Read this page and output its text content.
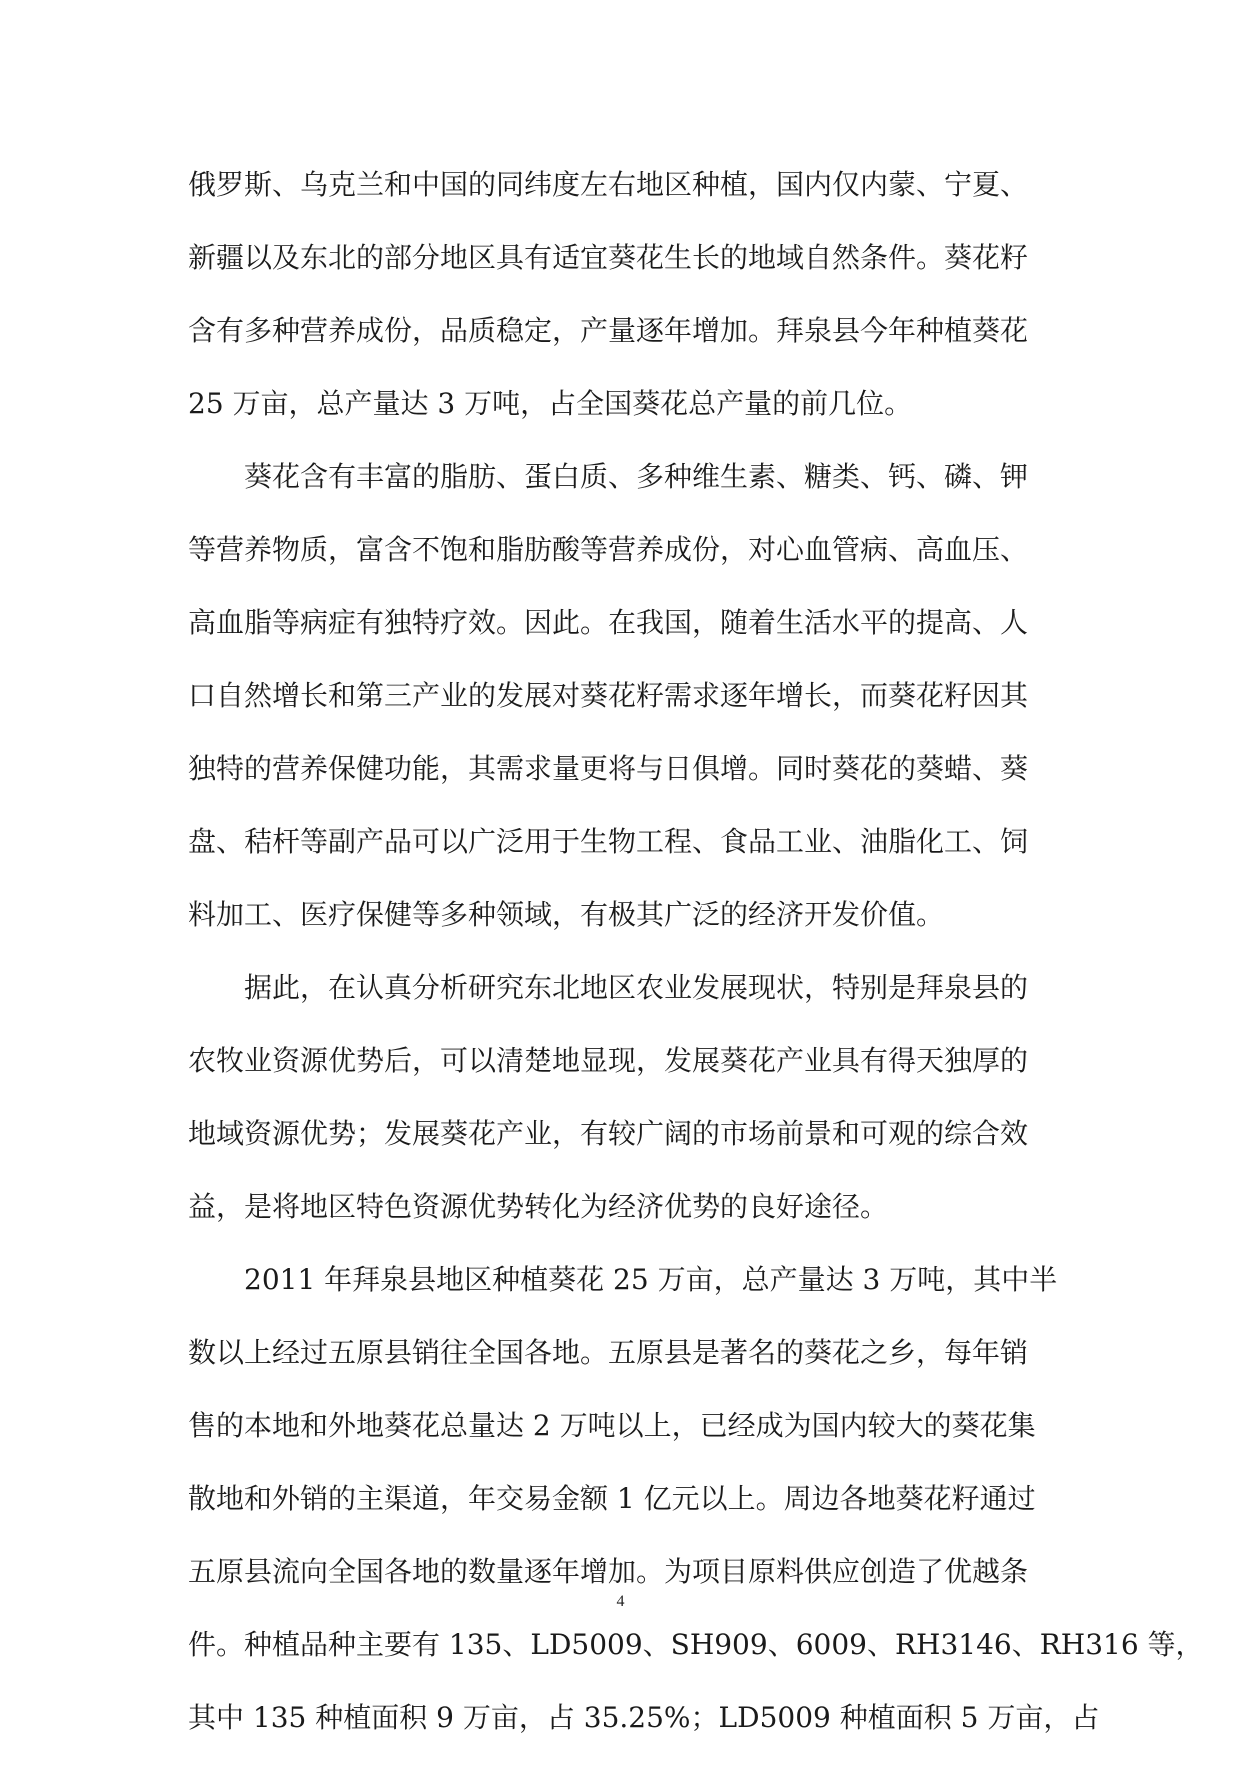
俄罗斯、乌克兰和中国的同纬度左右地区种植，国内仅内蒙、宁夏、
新疆以及东北的部分地区具有适宜葵花生长的地域自然条件。葵花籽
含有多种营养成份，品质稳定，产量逐年增加。拜泉县今年种植葵花
25 万亩，总产量达 3 万吨，占全国葵花总产量的前几位。
　　葵花含有丰富的脂肪、蛋白质、多种维生素、糖类、钙、磷、钾
等营养物质，富含不饱和脂肪酸等营养成份，对心血管病、高血压、
高血脂等病症有独特疗效。因此。在我国，随着生活水平的提高、人
口自然增长和第三产业的发展对葵花籽需求逐年增长，而葵花籽因其
独特的营养保健功能，其需求量更将与日俱增。同时葵花的葵蜡、葵
盘、秸杆等副产品可以广泛用于生物工程、食品工业、油脂化工、饲
料加工、医疗保健等多种领域，有极其广泛的经济开发价值。
　　据此，在认真分析研究东北地区农业发展现状，特别是拜泉县的
农牧业资源优势后，可以清楚地显现，发展葵花产业具有得天独厚的
地域资源优势；发展葵花产业，有较广阔的市场前景和可观的综合效
益，是将地区特色资源优势转化为经济优势的良好途径。
　　2011 年拜泉县地区种植葵花 25 万亩，总产量达 3 万吨，其中半
数以上经过五原县销往全国各地。五原县是著名的葵花之乡，每年销
售的本地和外地葵花总量达 2 万吨以上，已经成为国内较大的葵花集
散地和外销的主渠道，年交易金额 1 亿元以上。周边各地葵花籽通过
五原县流向全国各地的数量逐年增加。为项目原料供应创造了优越条
件。种植品种主要有 135、LD5009、SH909、6009、RH3146、RH316 等，
其中 135 种植面积 9 万亩，占 35.25%；LD5009 种植面积 5 万亩，占
4
